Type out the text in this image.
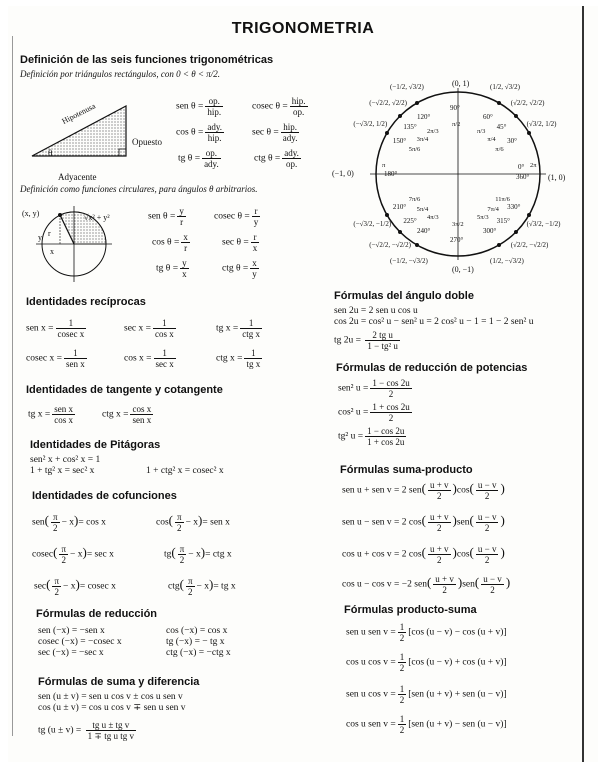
TRIGONOMETRIA
Definición de las seis funciones trigonométricas
Definición por triángulos rectángulos, con 0 < θ < π/2.
Hipotenusa
Opuesto
Adyacente
θ
sen $\theta = \frac{op.}{\text{hip.}}$	cosec $\theta = \frac{\text{hip.}}{op.}$
$\cos \theta = \frac{\text{ady.}}{\text{hip.}}$	$\sec \theta = \frac{\text{hip.}}{\text{ady.}}$
tg $\theta = \frac{op.}{\text{ady.}}$	ctg $\theta = \frac{\text{ady.}}{op.}$
Definición como funciones circulares, para ángulos θ arbitrarios.
(x, y)	√x² + y²
r
x
y
sen $\theta = \frac{y}{r}$	cosec $\theta = \frac{r}{y}$
$\cos \theta = \frac{x}{r}$	$\sec \theta = \frac{r}{x}$
tg $\theta = \frac{y}{x}$	ctg $\theta = \frac{x}{y}$
(0, 1)
(0, −1)
(−1, 0)	(1, 0)
90°
60°
45°
30°
0°
360°
330°
315°
300°
270°
240°
225°
210°
180°
150°
135°
120°
(1/2, √3/2)
(√2/2, √2/2)
(√3/2, 1/2)
(√3/2, −1/2)
(√2/2, −√2/2)
(1/2, −√3/2)
(−1/2, −√3/2)
(−√2/2, −√2/2)
(−√3/2, −1/2)
(−√3/2, 1/2)
(−√2/2, √2/2)
(−1/2, √3/2)
π/2
π/3
π/4
π/6
2π
11π/6
7π/4
5π/3
3π/2
4π/3
5π/4
7π/6
π
5π/6
3π/4
2π/3
Identidades recíprocas
sen $x = \frac{1}{\text{cosec x}}$	$\sec x = \frac{1}{\text{cos x}}$	tg $x = \frac{1}{\text{ctg x}}$
cosec $x = \frac{1}{\text{sen x}}$	$\cos x = \frac{1}{\text{sec x}}$	ctg $x = \frac{1}{\text{tg x}}$
Identidades de tangente y cotangente
tg $x = \frac{\text{sen x}}{\text{cos x}}$	ctg $x = \frac{\text{cos x}}{\text{sen x}}$
Identidades de Pitágoras
sen² x + cos² x = 1
1 + tg² x = sec² x	1 + ctg² x = cosec² x
Identidades de cofunciones
$sen( \frac{\pi}{2} - x)= \cos x$	$\cos( \frac{\pi}{2} - x)=$ sen x
$cosec( \frac{\pi}{2} - x)= \sec x$	$tg( \frac{\pi}{2} - x)=$ ctg x
$\sec( \frac{\pi}{2} - x)= cosec$ x	$ctg( \frac{\pi}{2} - x)=$ tg x
Fórmulas de reducción
sen (−x) = −sen x	cos (−x) = cos x
cosec (−x) = −cosec x	tg (−x) = − tg x
sec (−x) = −sec x	ctg (−x) = −ctg x
Fórmulas de suma y diferencia
sen (u ± v) = sen u cos v ± cos u sen v
cos (u ± v) = cos u cos v ∓ sen u sen v
tg $(u \pm v) = \frac{\text{tg u ± tg v}}{\text{1 ∓ tg u tg v}}$
Fórmulas del ángulo doble
sen 2u = 2 sen u cos u
cos 2u = cos² u − sen² u = 2 cos² u − 1 = 1 − 2 sen² u
tg $2u = \frac{\text{2 tg u}}{\text{1 − tg² u}}$
Fórmulas de reducción de potencias
sen² $u = \frac{1 - \cos 2u}{2}$
cos² $u = \frac{1 + \cos 2u}{2}$
tg² $u = \frac{1 - \cos 2u}{1 + \cos 2u}$
Fórmulas suma-producto
sen u + sen v = 2 $sen( \frac{u + v}{2} )\cos( \frac{u - v}{2}$ )
sen u − sen v = 2 $\cos( \frac{u + v}{2} )sen( \frac{u - v}{2}$ )
cos u + cos v = 2 $\cos( \frac{u + v}{2} )\cos( \frac{u - v}{2}$ )
cos u − cos v = −2 $sen( \frac{u + v}{2} )sen( \frac{u - v}{2}$ )
Fórmulas producto-suma
sen u sen $v = \frac{1}{2} [\cos$ (u − v) − cos (u + v)]
cos u $\cos v = \frac{1}{2} [\cos$ (u − v) + cos (u + v)]
sen u $\cos v = \frac{1}{2} [sen$ (u + v) + sen (u − v)]
cos u sen $v = \frac{1}{2} [sen$ (u + v) − sen (u − v)]
